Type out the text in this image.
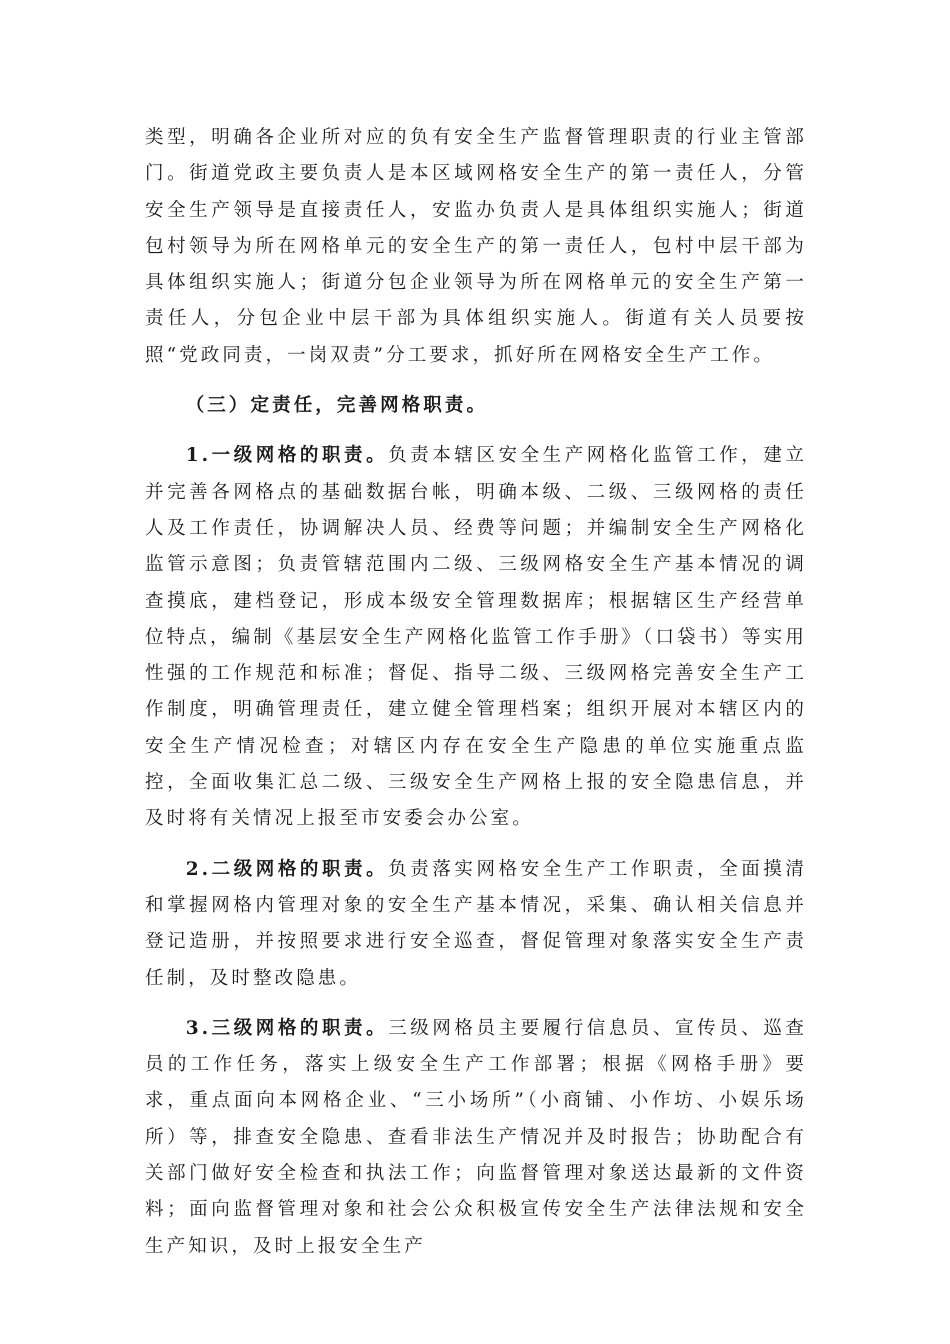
类型，明确各企业所对应的负有安全生产监督管理职责的行业主管部门。街道党政主要负责人是本区域网格安全生产的第一责任人，分管安全生产领导是直接责任人，安监办负责人是具体组织实施人；街道包村领导为所在网格单元的安全生产的第一责任人，包村中层干部为具体组织实施人；街道分包企业领导为所在网格单元的安全生产第一责任人，分包企业中层干部为具体组织实施人。街道有关人员要按照“党政同责，一岗双责”分工要求，抓好所在网格安全生产工作。

（三）定责任，完善网格职责。

1.一级网格的职责。负责本辖区安全生产网格化监管工作，建立并完善各网格点的基础数据台帐，明确本级、二级、三级网格的责任人及工作责任，协调解决人员、经费等问题；并编制安全生产网格化监管示意图；负责管辖范围内二级、三级网格安全生产基本情况的调查摸底，建档登记，形成本级安全管理数据库；根据辖区生产经营单位特点，编制《基层安全生产网格化监管工作手册》（口袋书）等实用性强的工作规范和标准；督促、指导二级、三级网格完善安全生产工作制度，明确管理责任，建立健全管理档案；组织开展对本辖区内的安全生产情况检查；对辖区内存在安全生产隐患的单位实施重点监控，全面收集汇总二级、三级安全生产网格上报的安全隐患信息，并及时将有关情况上报至市安委会办公室。

2.二级网格的职责。负责落实网格安全生产工作职责，全面摸清和掌握网格内管理对象的安全生产基本情况，采集、确认相关信息并登记造册，并按照要求进行安全巡查，督促管理对象落实安全生产责任制，及时整改隐患。

3.三级网格的职责。三级网格员主要履行信息员、宣传员、巡查员的工作任务，落实上级安全生产工作部署；根据《网格手册》要求，重点面向本网格企业、“三小场所”（小商铺、小作坊、小娱乐场所）等，排查安全隐患、查看非法生产情况并及时报告；协助配合有关部门做好安全检查和执法工作；向监督管理对象送达最新的文件资料；面向监督管理对象和社会公众积极宣传安全生产法律法规和安全生产知识，及时上报安全生产
